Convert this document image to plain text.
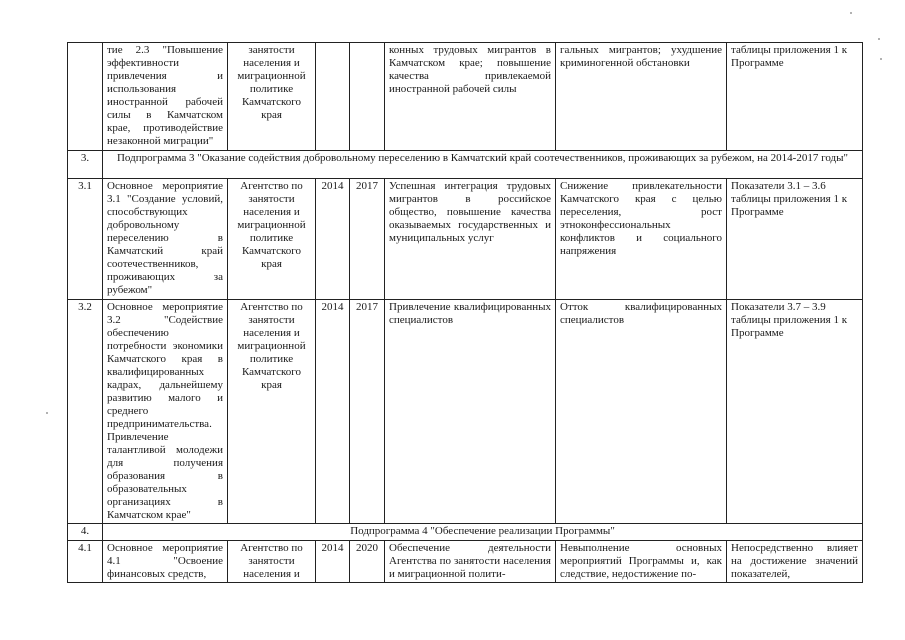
	тие 2.3 "Повышение эффективности привлечения и использования иностранной рабочей силы в Камчатском крае, противодействие незаконной миграции"	занятости населения и миграционной политике Камчатского края			конных трудовых мигрантов в Камчатском крае; повышение качества привлекаемой иностранной рабочей силы	гальных мигрантов; ухудшение криминогенной обстановки	таблицы приложения 1 к Программе
3.	Подпрограмма 3 "Оказание содействия добровольному переселению в Камчатский край соотечественников, проживающих за рубежом, на 2014-2017 годы"						
3.1	Основное мероприятие 3.1 "Создание условий, способствующих добровольному переселению в Камчатский край соотечественников, проживающих за рубежом"	Агентство по занятости населения и миграционной политике Камчатского края	2014	2017	Успешная интеграция трудовых мигрантов в российское общество, повышение качества оказываемых государственных и муниципальных услуг	Снижение привлекательности Камчатского края с целью переселения, рост этноконфессиональных конфликтов и социального напряжения	Показатели 3.1 – 3.6 таблицы приложения 1 к Программе
3.2	Основное мероприятие 3.2 "Содействие обеспечению потребности экономики Камчатского края в квалифицированных кадрах, дальнейшему развитию малого и среднего предпринимательства. Привлечение талантливой молодежи для получения образования в образовательных организациях в Камчатском крае"	Агентство по занятости населения и миграционной политике Камчатского края	2014	2017	Привлечение квалифицированных специалистов	Отток квалифицированных специалистов	Показатели 3.7 – 3.9 таблицы приложения 1 к Программе
4.	Подпрограмма 4 "Обеспечение реализации Программы"						
4.1	Основное мероприятие 4.1 "Освоение финансовых средств,	Агентство по занятости населения и	2014	2020	Обеспечение деятельности Агентства по занятости населения и миграционной полити-	Невыполнение основных мероприятий Программы и, как следствие, недостижение по-	Непосредственно влияет на достижение значений показателей,
